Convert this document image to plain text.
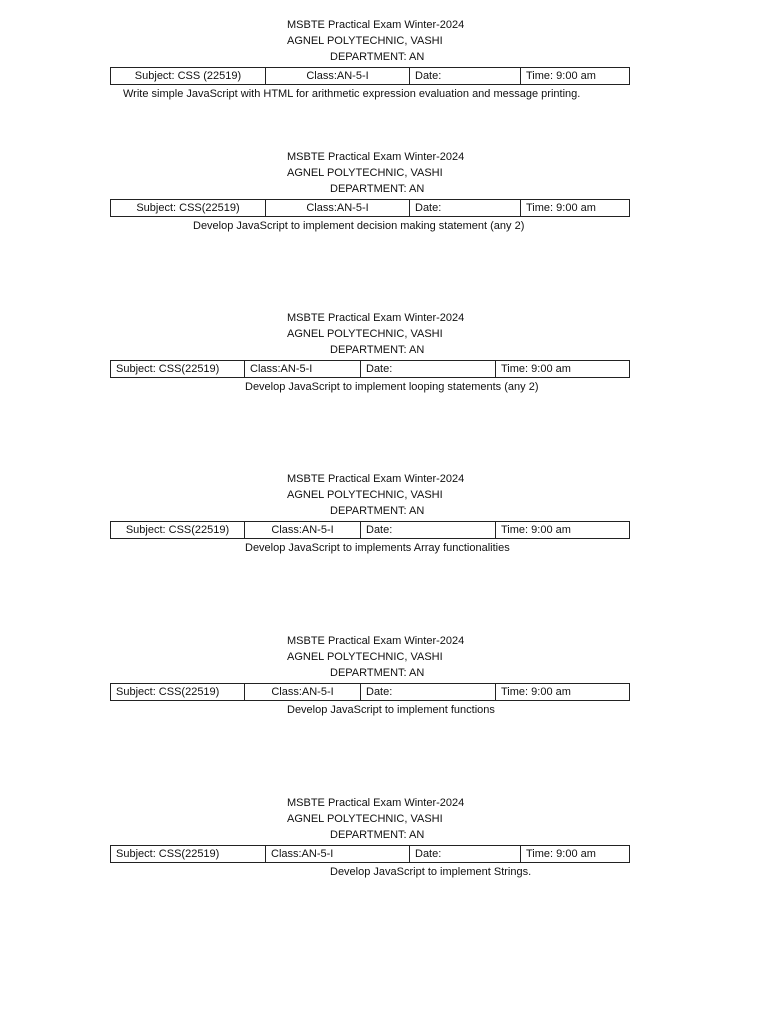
MSBTE Practical Exam Winter-2024
AGNEL POLYTECHNIC, VASHI
DEPARTMENT: AN
Subject: CSS (22519)	Class:AN-5-I	Date:	Time: 9:00 am
Write simple JavaScript with HTML for arithmetic expression evaluation and message printing.
MSBTE Practical Exam Winter-2024
AGNEL POLYTECHNIC, VASHI
DEPARTMENT: AN
Subject: CSS(22519)	Class:AN-5-I	Date:	Time: 9:00 am
Develop JavaScript to implement decision making statement (any 2)
MSBTE Practical Exam Winter-2024
AGNEL POLYTECHNIC, VASHI
DEPARTMENT: AN
Subject: CSS(22519)	Class:AN-5-I	Date:	Time: 9:00 am
Develop JavaScript to implement looping statements (any 2)
MSBTE Practical Exam Winter-2024
AGNEL POLYTECHNIC, VASHI
DEPARTMENT: AN
Subject: CSS(22519)	Class:AN-5-I	Date:	Time: 9:00 am
Develop JavaScript to implements Array functionalities
MSBTE Practical Exam Winter-2024
AGNEL POLYTECHNIC, VASHI
DEPARTMENT: AN
Subject: CSS(22519)	Class:AN-5-I	Date:	Time: 9:00 am
Develop JavaScript to implement functions
MSBTE Practical Exam Winter-2024
AGNEL POLYTECHNIC, VASHI
DEPARTMENT: AN
Subject: CSS(22519)	Class:AN-5-I	Date:	Time: 9:00 am
Develop JavaScript to implement Strings.
